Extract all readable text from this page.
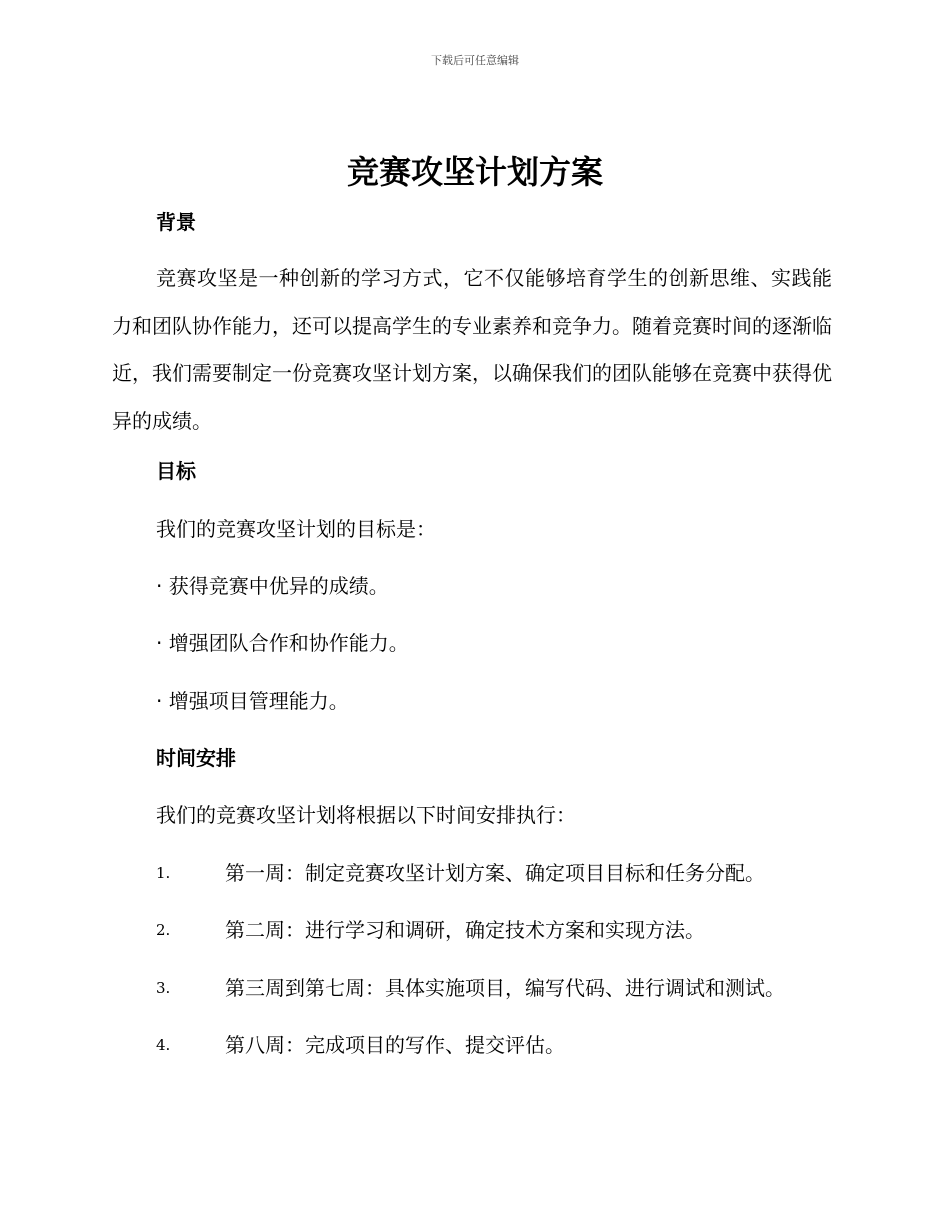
下载后可任意编辑
竞赛攻坚计划方案
背景

竞赛攻坚是一种创新的学习方式，它不仅能够培育学生的创新思维、实践能力和团队协作能力，还可以提高学生的专业素养和竞争力。随着竞赛时间的逐渐临近，我们需要制定一份竞赛攻坚计划方案，以确保我们的团队能够在竞赛中获得优异的成绩。

目标

我们的竞赛攻坚计划的目标是：

· 获得竞赛中优异的成绩。

· 增强团队合作和协作能力。

· 增强项目管理能力。

时间安排

我们的竞赛攻坚计划将根据以下时间安排执行：

1.	第一周：制定竞赛攻坚计划方案、确定项目目标和任务分配。
2.	第二周：进行学习和调研，确定技术方案和实现方法。
3.	第三周到第七周：具体实施项目，编写代码、进行调试和测试。
4.	第八周：完成项目的写作、提交评估。
